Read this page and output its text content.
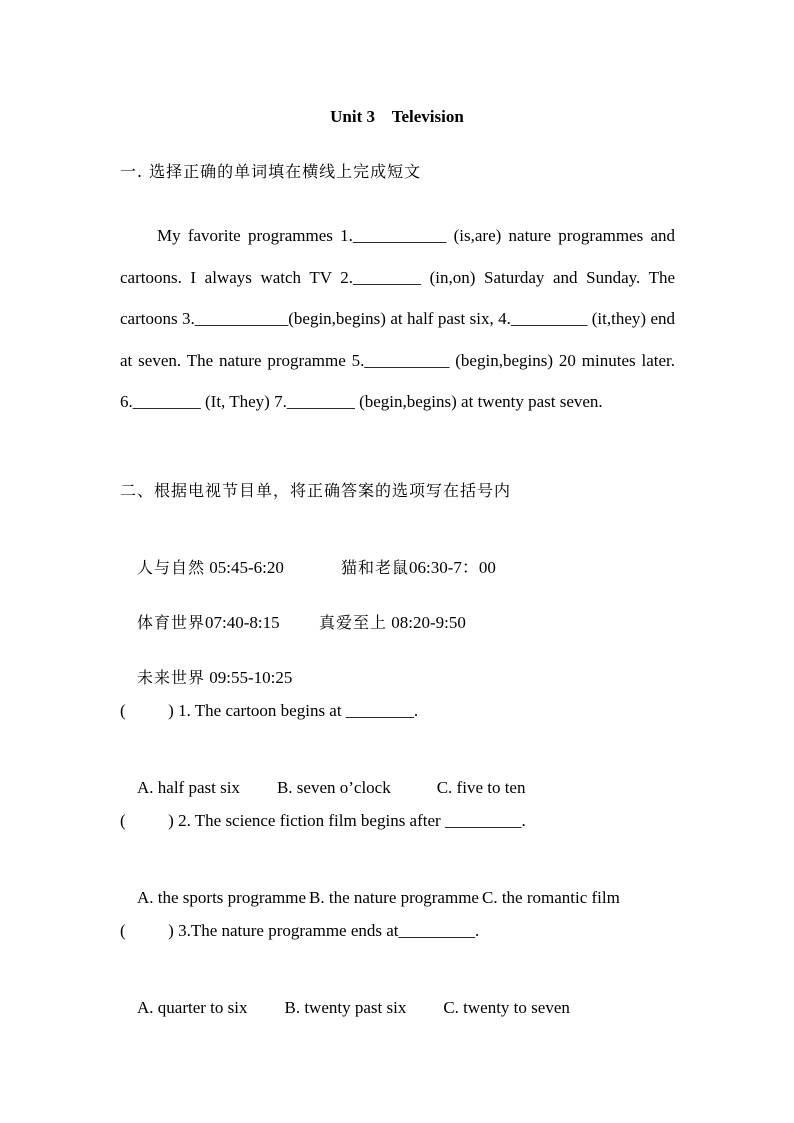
Unit 3    Television
一. 选择正确的单词填在横线上完成短文
My favorite programmes 1.___________ (is,are) nature programmes and cartoons. I always watch TV 2.________ (in,on) Saturday and Sunday. The cartoons 3.___________(begin,begins) at half past six, 4._________ (it,they) end at seven. The nature programme 5.__________ (begin,begins) 20 minutes later. 6.________ (It, They) 7.________ (begin,begins) at twenty past seven.
二、根据电视节目单，将正确答案的选项写在括号内

人与自然 05:45-6:20
	猫和老鼠06:30-7：00

体育世界07:40-8:15
	真爱至上 08:20-9:50

未来世界 09:55-10:25

(          ) 1. The cartoon begins at ________.

A. half past six B. seven o’clock	C. five to ten

(          ) 2. The science fiction film begins after _________.

A. the sports programme B. the nature programme C. the romantic film

(          ) 3.The nature programme ends at_________.

A. quarter to six B. twenty past six C. twenty to seven
